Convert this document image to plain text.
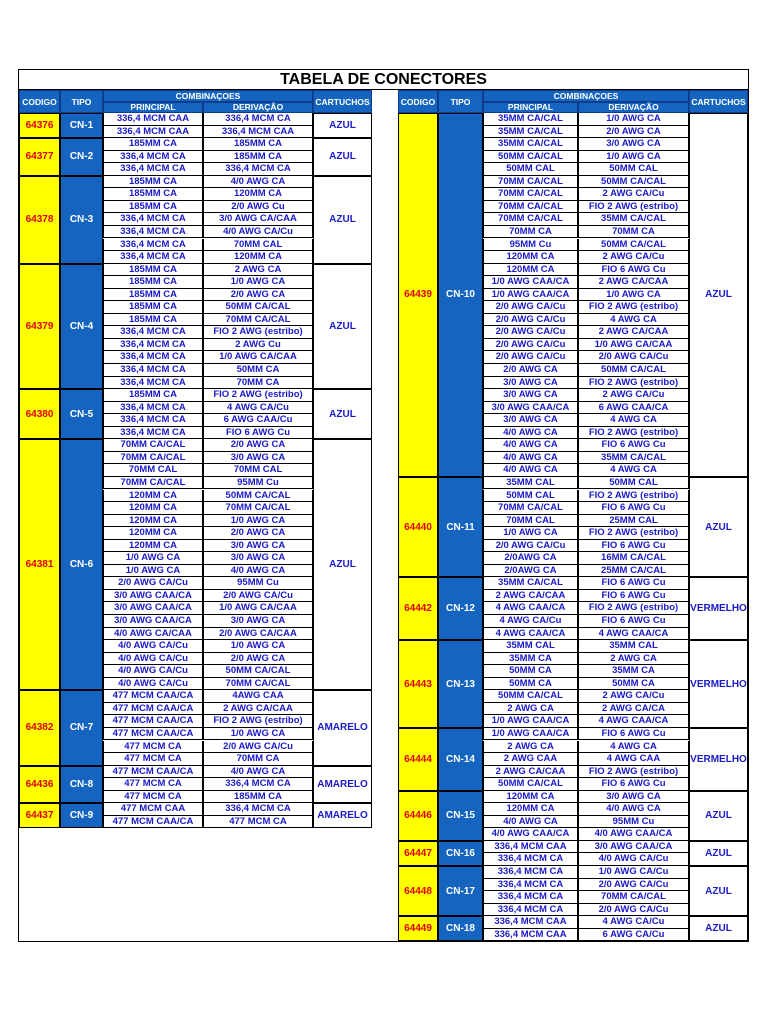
TABELA DE CONECTORES
CODIGO	TIPO
COMBINAÇOES
PRINCIPAL	DERIVAÇÃO
CARTUCHOS
64376	CN-1
336,4 MCM CAA	336,4 MCM CA
336,4 MCM CAA	336,4 MCM CAA	AZUL
64377	CN-2
185MM CA	185MM CA
336,4 MCM CA	185MM CA
336,4 MCM CA	336,4 MCM CA
AZUL
64378	CN-3
185MM CA	4/0 AWG CA
185MM CA	120MM CA
185MM CA	2/0 AWG Cu
336,4 MCM CA	3/0 AWG CA/CAA
336,4 MCM CA	4/0 AWG CA/Cu
336,4 MCM CA	70MM CAL
336,4 MCM CA	120MM CA
AZUL
64379	CN-4
185MM CA	2 AWG CA
185MM CA	1/0 AWG CA
185MM CA	2/0 AWG CA
185MM CA	50MM CA/CAL
185MM CA	70MM CA/CAL
336,4 MCM CA	FIO 2 AWG (estribo)
336,4 MCM CA	2 AWG Cu
336,4 MCM CA	1/0 AWG CA/CAA
336,4 MCM CA	50MM CA
336,4 MCM CA	70MM CA
AZUL
64380	CN-5
185MM CA	FIO 2 AWG (estribo)
336,4 MCM CA	4 AWG CA/Cu
336,4 MCM CA	6 AWG CAA/Cu
336,4 MCM CA	FIO 6 AWG Cu
AZUL
64381	CN-6
70MM CA/CAL	2/0 AWG CA
70MM CA/CAL	3/0 AWG CA
70MM CAL	70MM CAL
70MM CA/CAL	95MM Cu
120MM CA	50MM CA/CAL
120MM CA	70MM CA/CAL
120MM CA	1/0 AWG CA
120MM CA	2/0 AWG CA
120MM CA	3/0 AWG CA
1/0 AWG CA	3/0 AWG CA
1/0 AWG CA	4/0 AWG CA
2/0 AWG CA/Cu	95MM Cu
3/0 AWG CAA/CA	2/0 AWG CA/Cu
3/0 AWG CAA/CA	1/0 AWG CA/CAA
3/0 AWG CAA/CA	3/0 AWG CA
4/0 AWG CA/CAA	2/0 AWG CA/CAA
4/0 AWG CA/Cu	1/0 AWG CA
4/0 AWG CA/Cu	2/0 AWG CA
4/0 AWG CA/Cu	50MM CA/CAL
4/0 AWG CA/Cu	70MM CA/CAL
AZUL
64382	CN-7
477 MCM CAA/CA	4AWG CAA
477 MCM CAA/CA	2 AWG CA/CAA
477 MCM CAA/CA	FIO 2 AWG (estribo)
477 MCM CAA/CA	1/0 AWG CA
477 MCM CA	2/0 AWG CA/Cu
477 MCM CA	70MM CA
AMARELO
64436	CN-8
477 MCM CAA/CA	4/0 AWG CA
477 MCM CA	336,4 MCM CA
477 MCM CA	185MM CA
AMARELO
64437	CN-9
477 MCM CAA	336,4 MCM CA
477 MCM CAA/CA	477 MCM CA	AMARELO
CODIGO	TIPO
COMBINAÇOES
PRINCIPAL	DERIVAÇÃO
CARTUCHOS
64439	CN-10
35MM CA/CAL	1/0 AWG CA
35MM CA/CAL	2/0 AWG CA
35MM CA/CAL	3/0 AWG CA
50MM CA/CAL	1/0 AWG CA
50MM CAL	50MM CAL
70MM CA/CAL	50MM CA/CAL
70MM CA/CAL	2 AWG CA/Cu
70MM CA/CAL	FIO 2 AWG (estribo)
70MM CA/CAL	35MM CA/CAL
70MM CA	70MM CA
95MM Cu	50MM CA/CAL
120MM CA	2 AWG CA/Cu
120MM CA	FIO 6 AWG Cu
1/0 AWG CAA/CA	2 AWG CA/CAA
1/0 AWG CAA/CA	1/0 AWG CA
2/0 AWG CA/Cu	FIO 2 AWG (estribo)
2/0 AWG CA/Cu	4 AWG CA
2/0 AWG CA/Cu	2 AWG CA/CAA
2/0 AWG CA/Cu	1/0 AWG CA/CAA
2/0 AWG CA/Cu	2/0 AWG CA/Cu
2/0 AWG CA	50MM CA/CAL
3/0 AWG CA	FIO 2 AWG (estribo)
3/0 AWG CA	2 AWG CA/Cu
3/0 AWG CAA/CA	6 AWG CAA/CA
3/0 AWG CA	4 AWG CA
4/0 AWG CA	FIO 2 AWG (estribo)
4/0 AWG CA	FIO 6 AWG Cu
4/0 AWG CA	35MM CA/CAL
4/0 AWG CA	4 AWG CA
AZUL
64440	CN-11
35MM CAL	50MM CAL
50MM CAL	FIO 2 AWG (estribo)
70MM CA/CAL	FIO 6 AWG Cu
70MM CAL	25MM CAL
1/0 AWG CA	FIO 2 AWG (estribo)
2/0 AWG CA/Cu	FIO 6 AWG Cu
2/0AWG CA	16MM CA/CAL
2/0AWG CA	25MM CA/CAL
AZUL
64442	CN-12
35MM CA/CAL	FIO 6 AWG Cu
2 AWG CA/CAA	FIO 6 AWG Cu
4 AWG CAA/CA	FIO 2 AWG (estribo)
4 AWG CA/Cu	FIO 6 AWG Cu
4 AWG CAA/CA	4 AWG CAA/CA
VERMELHO
64443	CN-13
35MM CAL	35MM CAL
35MM CA	2 AWG CA
50MM CA	35MM CA
50MM CA	50MM CA
50MM CA/CAL	2 AWG CA/Cu
2 AWG CA	2 AWG CA/CA
1/0 AWG CAA/CA	4 AWG CAA/CA
VERMELHO
64444	CN-14
1/0 AWG CAA/CA	FIO 6 AWG Cu
2 AWG CA	4 AWG CA
2 AWG CAA	4 AWG CAA
2 AWG CA/CAA	FIO 2 AWG (estribo)
50MM CA/CAL	FIO 6 AWG Cu
VERMELHO
64446	CN-15
120MM CA	3/0 AWG CA
120MM CA	4/0 AWG CA
4/0 AWG CA	95MM Cu
4/0 AWG CAA/CA	4/0 AWG CAA/CA
AZUL
64447	CN-16
336,4 MCM CAA	3/0 AWG CAA/CA
336,4 MCM CA	4/0 AWG CA/Cu	AZUL
64448	CN-17
336,4 MCM CA	1/0 AWG CA/Cu
336,4 MCM CA	2/0 AWG CA/Cu
336,4 MCM CA	70MM CA/CAL
336,4 MCM CA	2/0 AWG CA/Cu
AZUL
64449	CN-18
336,4 MCM CAA	4 AWG CA/Cu
336,4 MCM CAA	6 AWG CA/Cu
AZUL
